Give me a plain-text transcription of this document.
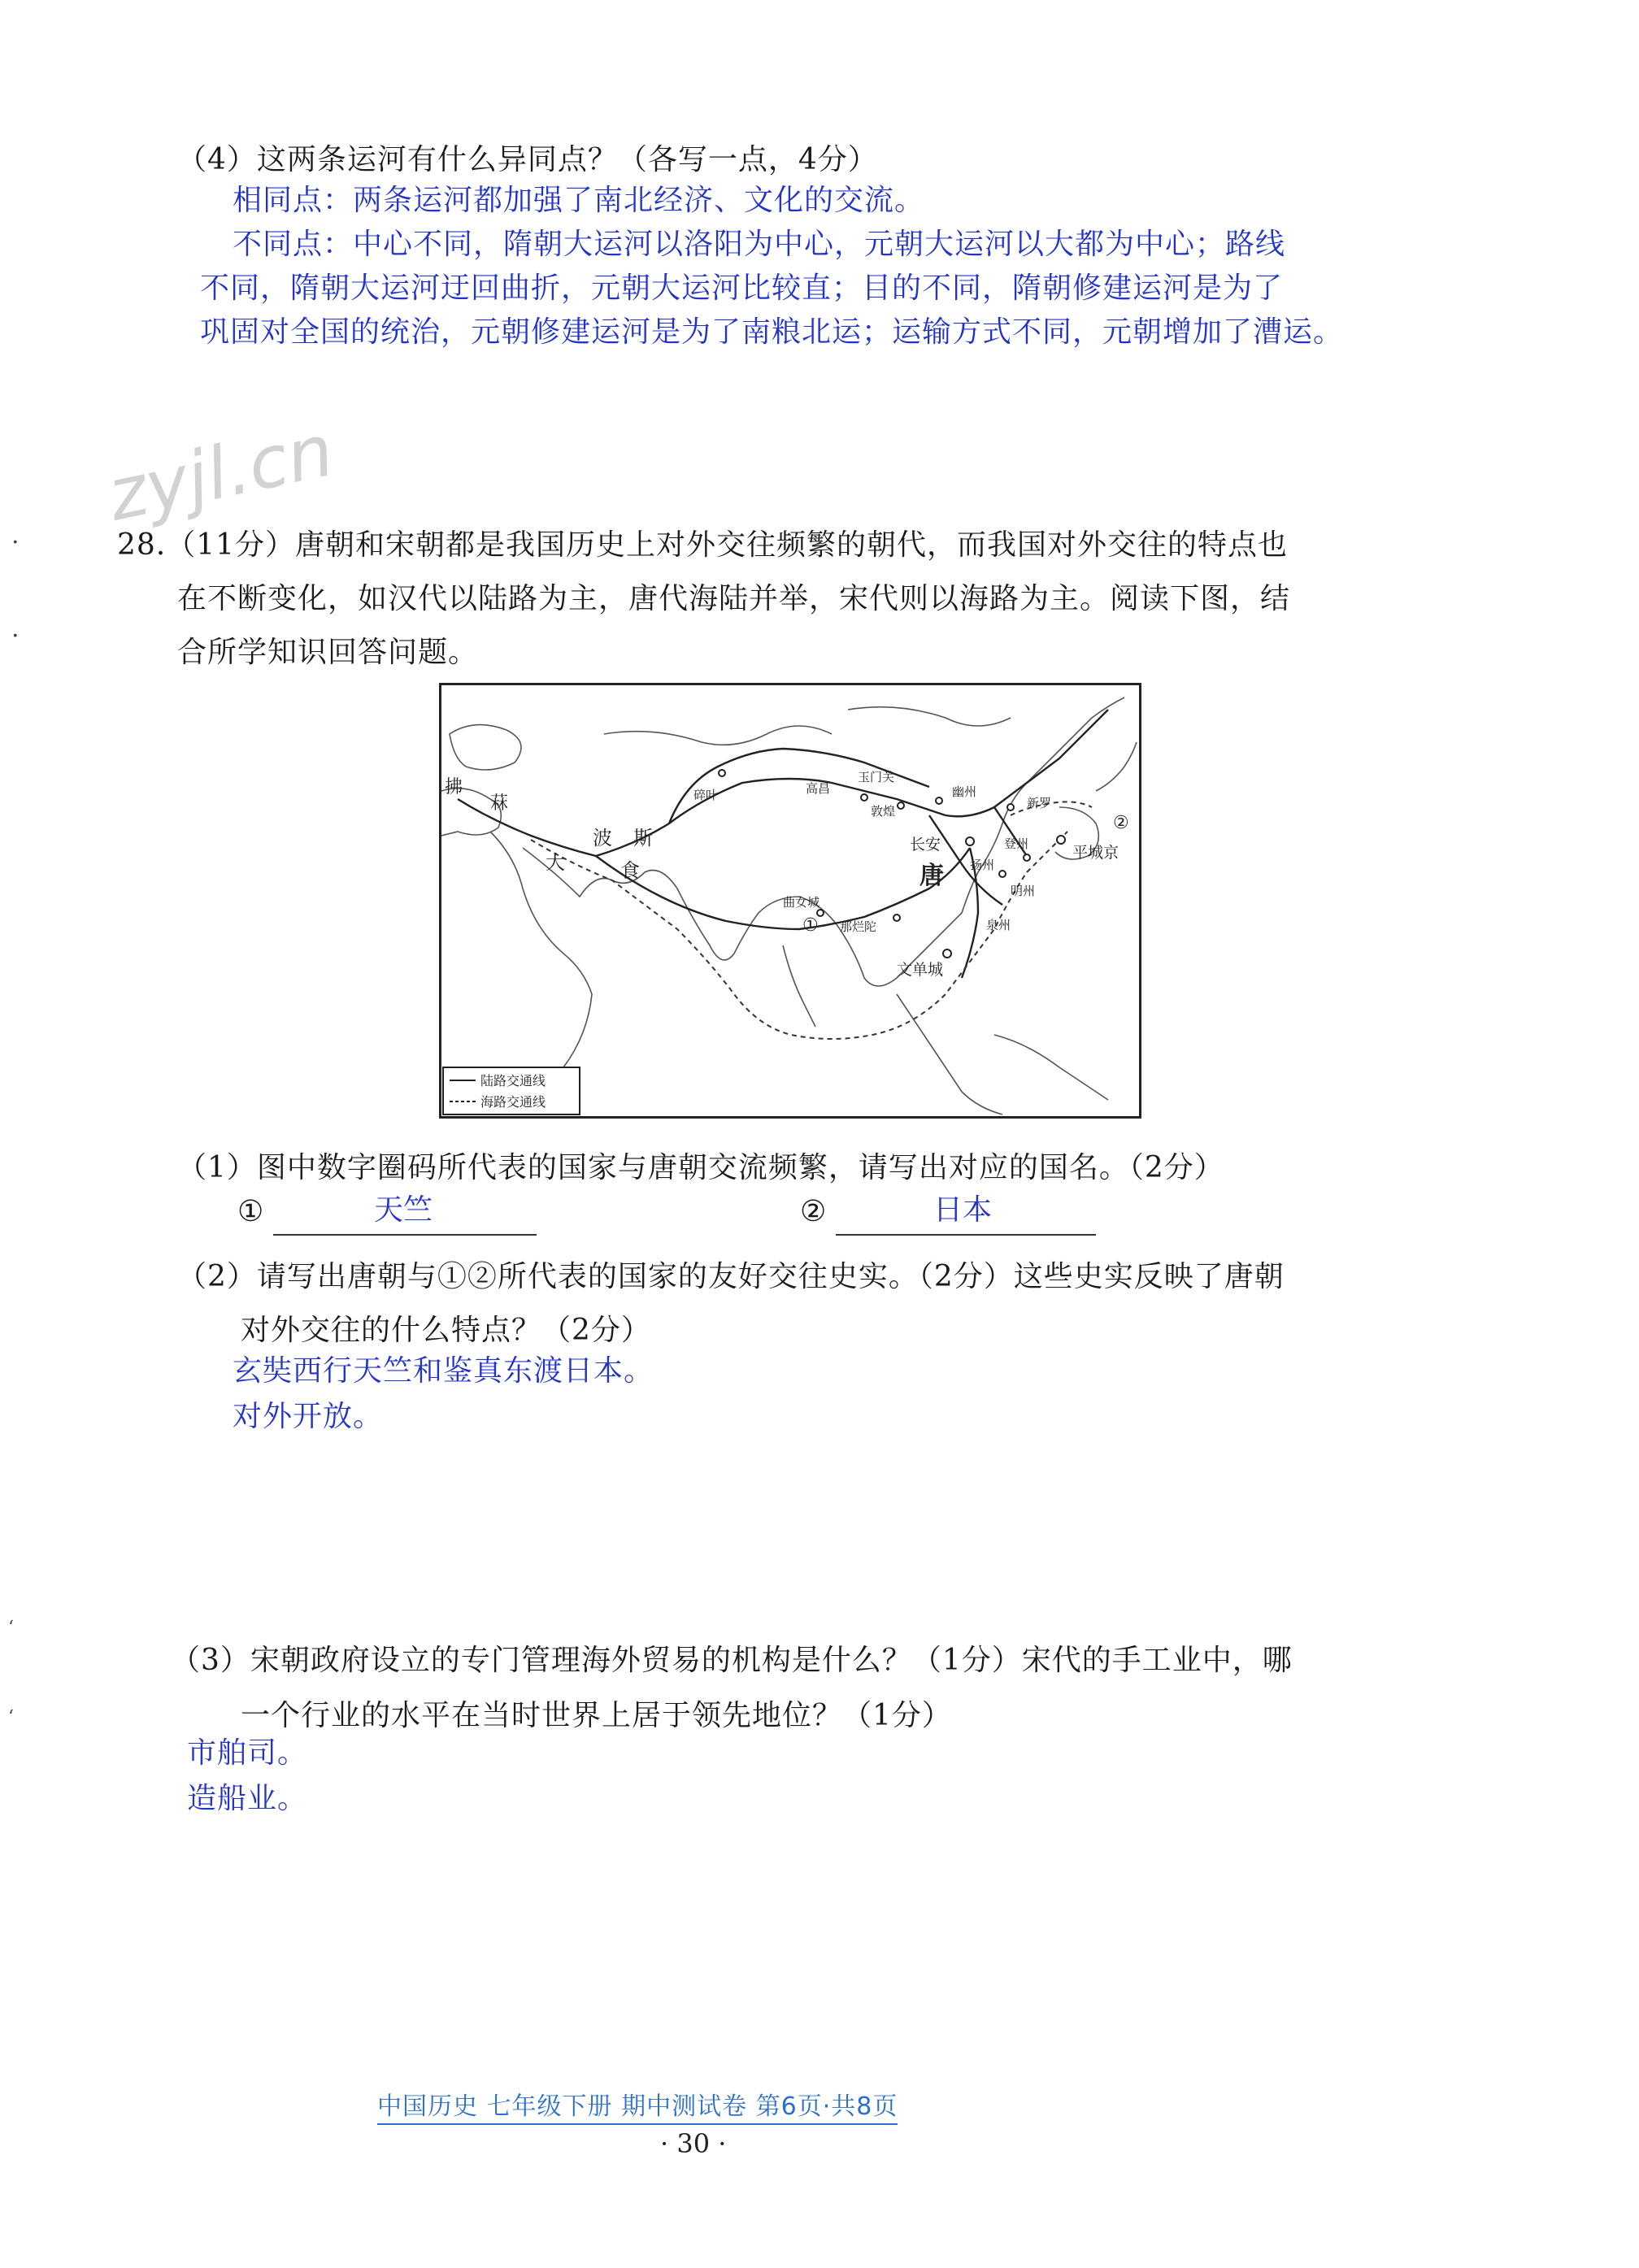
zyjl.cn
·
·
ʻ
ʻ
（4）这两条运河有什么异同点？（各写一点，4分）
相同点：两条运河都加强了南北经济、文化的交流。
不同点：中心不同，隋朝大运河以洛阳为中心，元朝大运河以大都为中心；路线
不同，隋朝大运河迂回曲折，元朝大运河比较直；目的不同，隋朝修建运河是为了
巩固对全国的统治，元朝修建运河是为了南粮北运；运输方式不同，元朝增加了漕运。
28.（11分）唐朝和宋朝都是我国历史上对外交往频繁的朝代，而我国对外交往的特点也
在不断变化，如汉代以陆路为主，唐代海陆并举，宋代则以海路为主。阅读下图，结
合所学知识回答问题。
拂
菻
大	食
波 斯
碎叶	高昌
玉门关
敦煌
幽州
新罗
长安	登州
扬州
明州
泉州
唐
平城京
曲女城
那烂陀
文单城
①
②
陆路交通线
海路交通线
（1）图中数字圈码所代表的国家与唐朝交流频繁，请写出对应的国名。（2分）
①	天竺	②	日本
（2）请写出唐朝与①②所代表的国家的友好交往史实。（2分）这些史实反映了唐朝
对外交往的什么特点？（2分）
玄奘西行天竺和鉴真东渡日本。
对外开放。
（3）宋朝政府设立的专门管理海外贸易的机构是什么？（1分）宋代的手工业中，哪
一个行业的水平在当时世界上居于领先地位？（1分）
市舶司。
造船业。
中国历史 七年级下册 期中测试卷 第6页·共8页
· 30 ·
